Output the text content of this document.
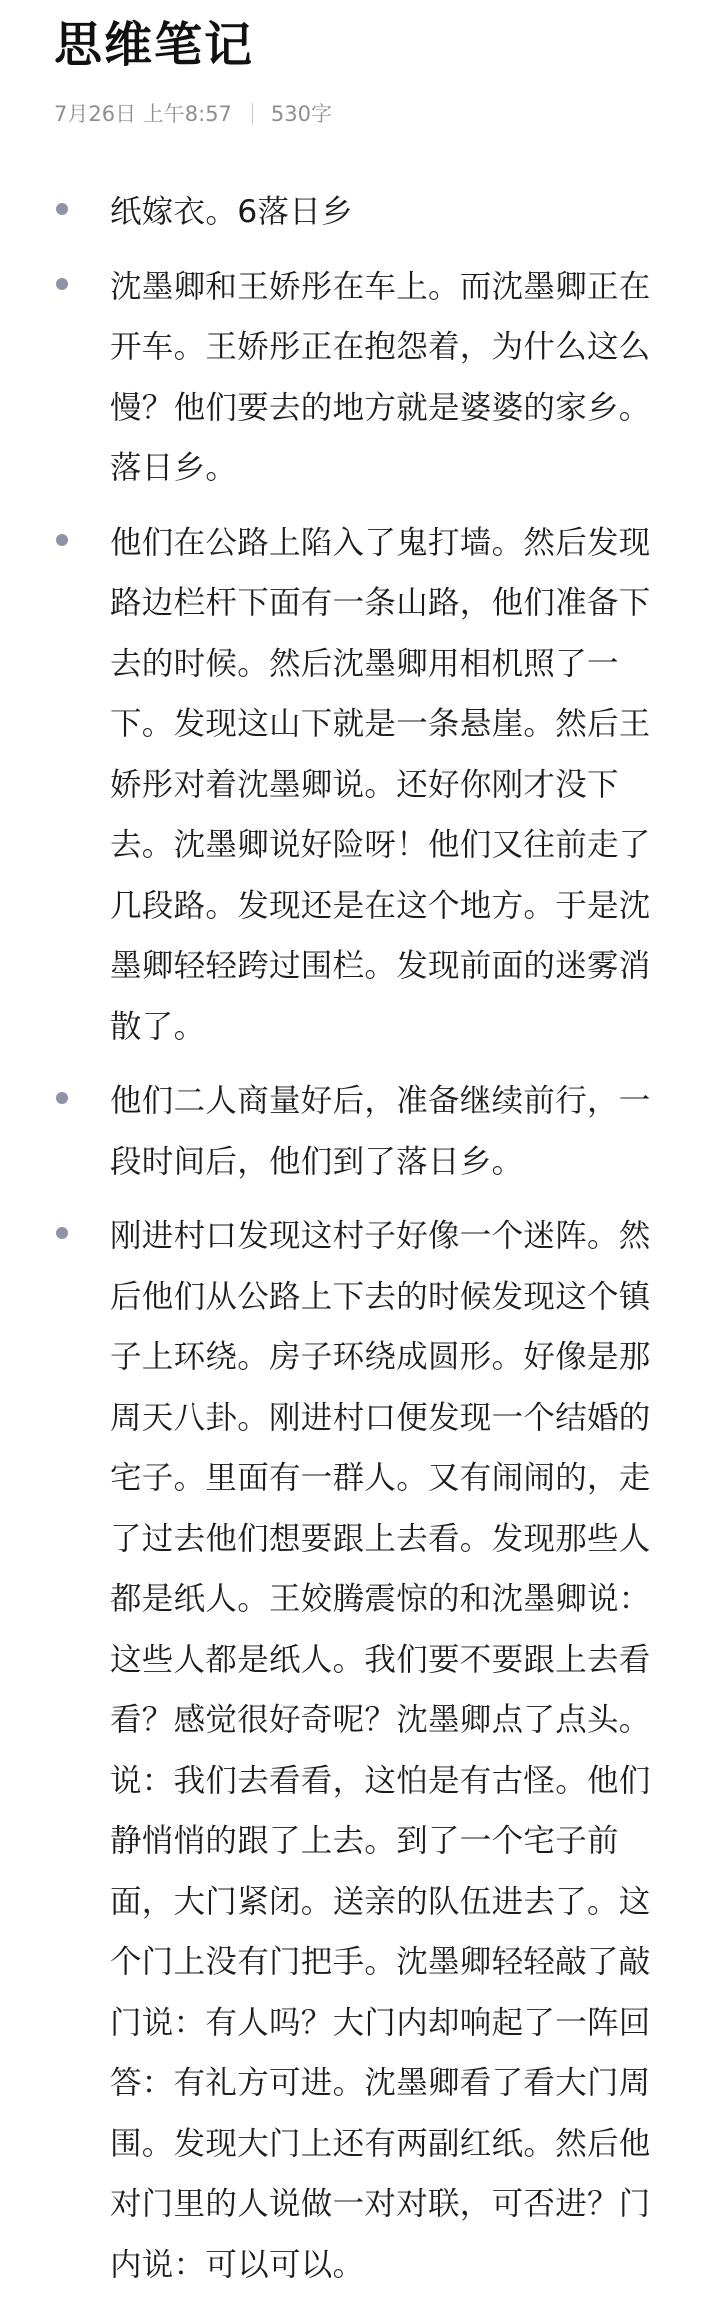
思维笔记
7月26日 上午8:57 530字
纸嫁衣。6落日乡
沈墨卿和王娇彤在车上。而沈墨卿正在开车。王娇彤正在抱怨着，为什么这么慢？他们要去的地方就是婆婆的家乡。落日乡。
他们在公路上陷入了鬼打墙。然后发现路边栏杆下面有一条山路，他们准备下去的时候。然后沈墨卿用相机照了一下。发现这山下就是一条悬崖。然后王娇彤对着沈墨卿说。还好你刚才没下去。沈墨卿说好险呀！他们又往前走了几段路。发现还是在这个地方。于是沈墨卿轻轻跨过围栏。发现前面的迷雾消散了。
他们二人商量好后，准备继续前行，一段时间后，他们到了落日乡。
刚进村口发现这村子好像一个迷阵。然后他们从公路上下去的时候发现这个镇子上环绕。房子环绕成圆形。好像是那周天八卦。刚进村口便发现一个结婚的宅子。里面有一群人。又有闹闹的，走了过去他们想要跟上去看。发现那些人都是纸人。王姣腾震惊的和沈墨卿说：这些人都是纸人。我们要不要跟上去看看？感觉很好奇呢？沈墨卿点了点头。说：我们去看看，这怕是有古怪。他们静悄悄的跟了上去。到了一个宅子前面，大门紧闭。送亲的队伍进去了。这个门上没有门把手。沈墨卿轻轻敲了敲门说：有人吗？大门内却响起了一阵回答：有礼方可进。沈墨卿看了看大门周围。发现大门上还有两副红纸。然后他对门里的人说做一对对联，可否进？门内说：可以可以。
